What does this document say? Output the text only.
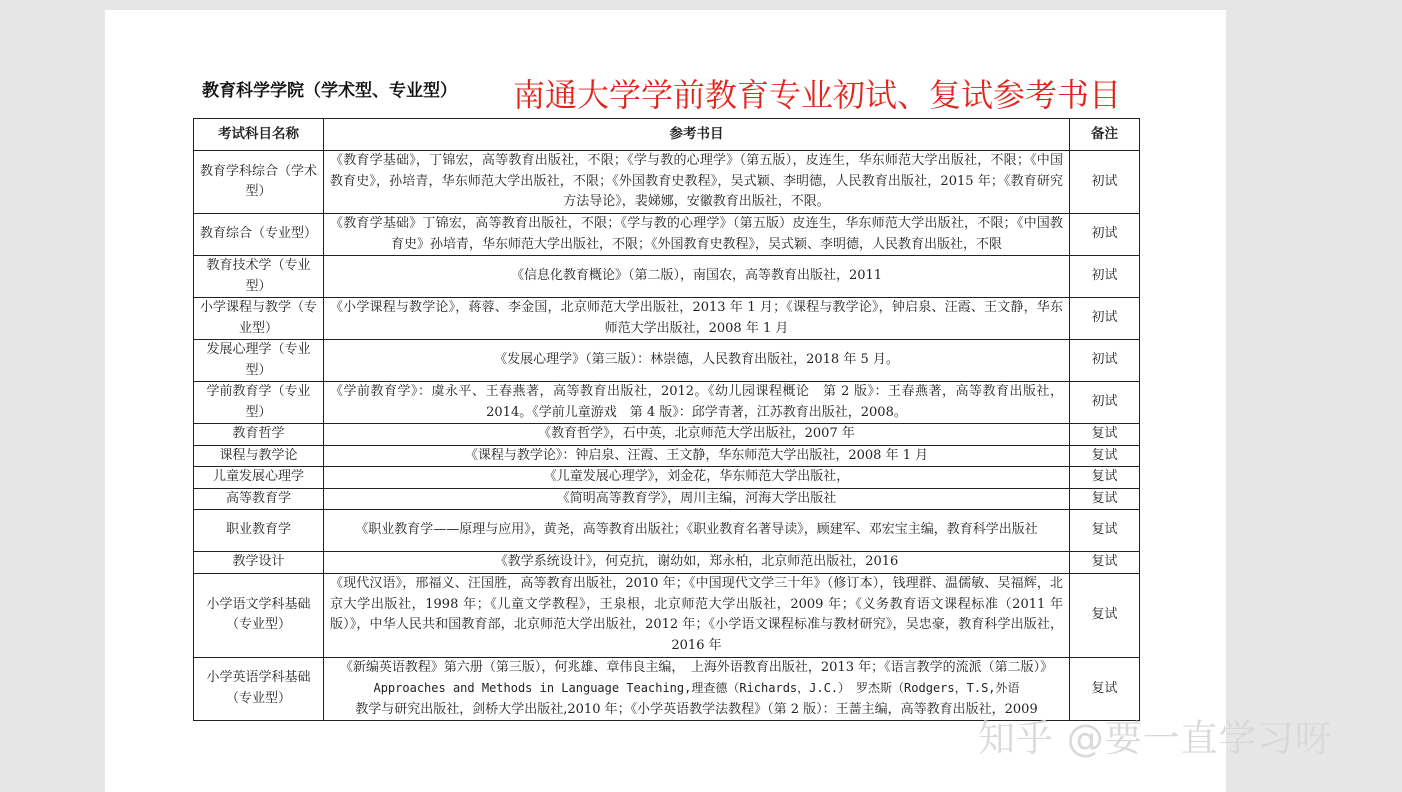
教育科学学院（学术型、专业型） 南通大学学前教育专业初试、复试参考书目
考试科目名称	参考书目	备注
教育学科综合（学术型）	《教育学基础》，丁锦宏，高等教育出版社，不限；《学与教的心理学》（第五版），皮连生，华东师范大学出版社，不限；《中国教育史》，孙培青，华东师范大学出版社，不限；《外国教育史教程》，吴式颖、李明德，人民教育出版社，2015 年；《教育研究方法导论》，裴娣娜，安徽教育出版社，不限。	初试
教育综合（专业型）	《教育学基础》丁锦宏，高等教育出版社，不限；《学与教的心理学》（第五版）皮连生，华东师范大学出版社，不限；《中国教育史》孙培青，华东师范大学出版社，不限；《外国教育史教程》，吴式颖、李明德，人民教育出版社，不限	初试
教育技术学（专业型）	《信息化教育概论》（第二版），南国农，高等教育出版社，2011	初试
小学课程与教学（专业型）	《小学课程与教学论》，蒋蓉、李金国，北京师范大学出版社，2013 年 1 月；《课程与教学论》，钟启泉、汪霞、王文静，华东师范大学出版社，2008 年 1 月	初试
发展心理学（专业型）	《发展心理学》（第三版）：林崇德，人民教育出版社，2018 年 5 月。	初试
学前教育学（专业型）	《学前教育学》：虞永平、王春燕著，高等教育出版社，2012。《幼儿园课程概论　第 2 版》：王春燕著，高等教育出版社，2014。《学前儿童游戏　第 4 版》：邱学青著，江苏教育出版社，2008。	初试
教育哲学	《教育哲学》，石中英，北京师范大学出版社，2007 年	复试
课程与教学论	《课程与教学论》：钟启泉、汪霞、王文静，华东师范大学出版社，2008 年 1 月	复试
儿童发展心理学	《儿童发展心理学》，刘金花，华东师范大学出版社，	复试
高等教育学	《简明高等教育学》，周川主编，河海大学出版社	复试
职业教育学	《职业教育学——原理与应用》，黄尧，高等教育出版社；《职业教育名著导读》，顾建军、邓宏宝主编，教育科学出版社	复试
教学设计	《教学系统设计》，何克抗，谢幼如，郑永柏，北京师范出版社，2016	复试
小学语文学科基础（专业型）	《现代汉语》，邢福义、汪国胜，高等教育出版社，2010 年；《中国现代文学三十年》（修订本），钱理群、温儒敏、吴福辉，北京大学出版社，1998 年；《儿童文学教程》，王泉根，北京师范大学出版社，2009 年；《义务教育语文课程标准（2011 年版）》，中华人民共和国教育部，北京师范大学出版社，2012 年；《小学语文课程标准与教材研究》，吴忠豪，教育科学出版社，2016 年	复试
小学英语学科基础（专业型）	《新编英语教程》第六册（第三版），何兆雄、章伟良主编，　上海外语教育出版社，2013 年；《语言教学的流派（第二版）》
Approaches and Methods in Language Teaching,理查德（Richards，J.C.）　罗杰斯（Rodgers，T.S,外语
教学与研究出版社，剑桥大学出版社,2010 年；《小学英语教学法教程》（第 2 版）：王蔷主编，高等教育出版社，2009	复试
知乎 @要一直学习呀
